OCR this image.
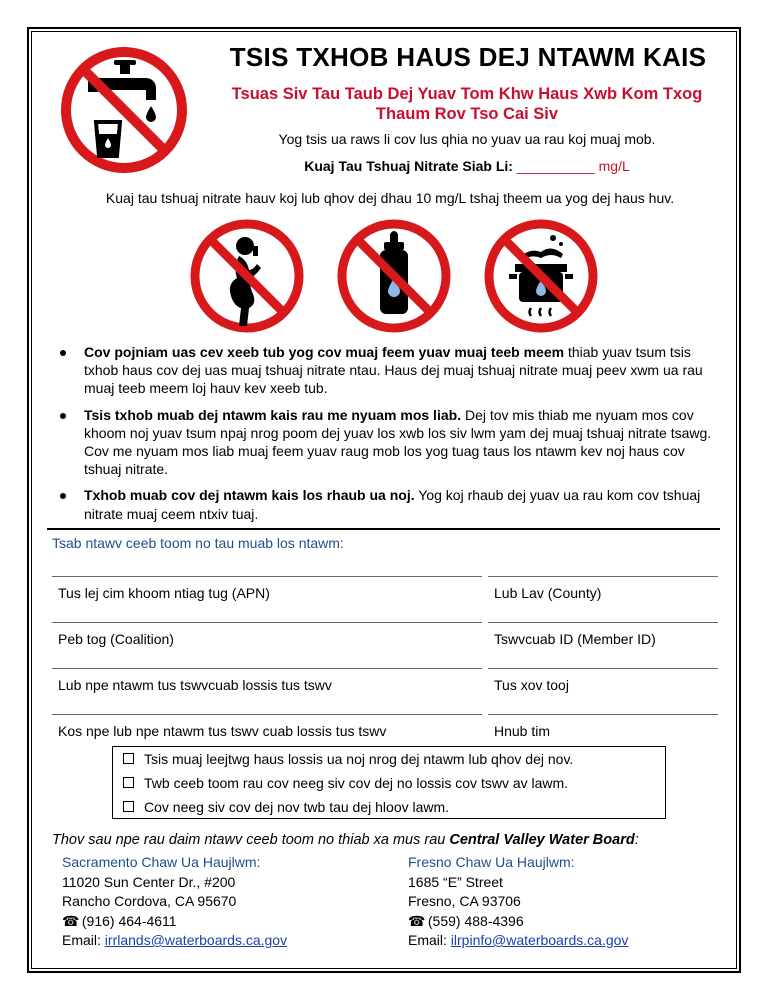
TSIS TXHOB HAUS DEJ NTAWM KAIS
Tsuas Siv Tau Taub Dej Yuav Tom Khw Haus Xwb Kom Txog
Thaum Rov Tso Cai Siv
Yog tsis ua raws li cov lus qhia no yuav ua rau koj muaj mob.
Kuaj Tau Tshuaj Nitrate Siab Li: __________ mg/L
Kuaj tau tshuaj nitrate hauv koj lub qhov dej dhau 10 mg/L tshaj theem ua yog dej haus huv.
Cov pojniam uas cev xeeb tub yog cov muaj feem yuav muaj teeb meem thiab yuav tsum tsis txhob haus cov dej uas muaj tshuaj nitrate ntau. Haus dej muaj tshuaj nitrate muaj peev xwm ua rau muaj teeb meem loj hauv kev xeeb tub.
Tsis txhob muab dej ntawm kais rau me nyuam mos liab. Dej tov mis thiab me nyuam mos cov khoom noj yuav tsum npaj nrog poom dej yuav los xwb los siv lwm yam dej muaj tshuaj nitrate tsawg. Cov me nyuam mos liab muaj feem yuav raug mob los yog tuag taus los ntawm kev noj haus cov tshuaj nitrate.
Txhob muab cov dej ntawm kais los rhaub ua noj. Yog koj rhaub dej yuav ua rau kom cov tshuaj nitrate muaj ceem ntxiv tuaj.
Tsab ntawv ceeb toom no tau muab los ntawm:
Tus lej cim khoom ntiag tug (APN)	Lub Lav (County)
Peb tog (Coalition)	Tswvcuab ID (Member ID)
Lub npe ntawm tus tswvcuab lossis tus tswv	Tus xov tooj
Kos npe lub npe ntawm tus tswv cuab lossis tus tswv	Hnub tim
Tsis muaj leejtwg haus lossis ua noj nrog dej ntawm lub qhov dej nov.
Twb ceeb toom rau cov neeg siv cov dej no lossis cov tswv av lawm.
Cov neeg siv cov dej nov twb tau dej hloov lawm.
Thov sau npe rau daim ntawv ceeb toom no thiab xa mus rau Central Valley Water Board:
Sacramento Chaw Ua Haujlwm:
11020 Sun Center Dr., #200
Rancho Cordova, CA 95670
☎ (916) 464-4611
Email: irrlands@waterboards.ca.gov
Fresno Chaw Ua Haujlwm:
1685 “E” Street
Fresno, CA 93706
☎ (559) 488-4396
Email: ilrpinfo@waterboards.ca.gov
